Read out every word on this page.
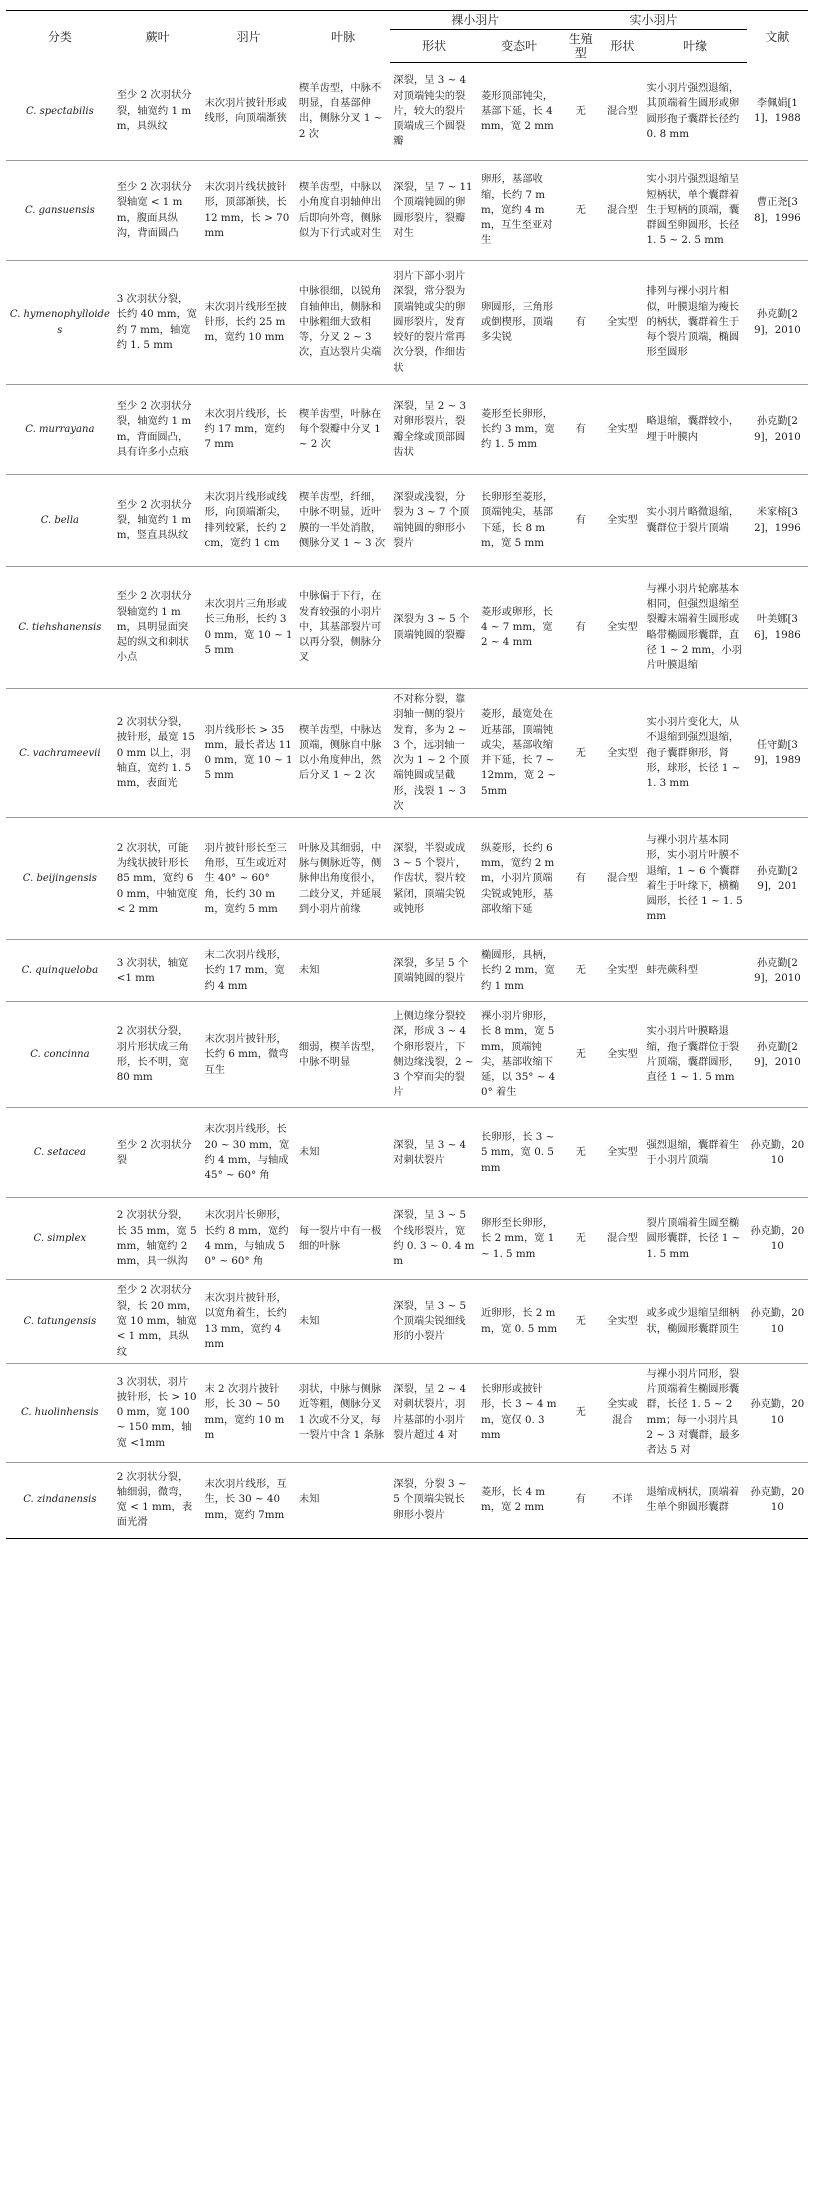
分类	蕨叶	羽片	叶脉	裸小羽片		实小羽片			文献
				形状	变态叶	生殖型	形状	叶缘	
C. spectabilis	至少 2 次羽状分裂，轴宽约 1 mm，具纵纹	末次羽片披针形或线形，向顶端渐狭	楔羊齿型，中脉不明显，自基部伸出，侧脉分叉 1 ~ 2 次	深裂，呈 3 ~ 4 对顶端钝尖的裂片，较大的裂片顶端成三个圆裂瓣	菱形顶部钝尖，基部下延，长 4 mm，宽 2 mm	无	混合型	实小羽片强烈退缩，其顶端着生圆形或卵圆形孢子囊群长径约 0. 8 mm	李佩娟[11]，1988
C. gansuensis	至少 2 次羽状分裂轴宽 < 1 mm，腹面具纵沟，背面圆凸	末次羽片线状披针形，顶部渐狭，长 12 mm，长 > 70 mm	楔羊齿型，中脉以小角度自羽轴伸出后即向外弯，侧脉似为下行式或对生	深裂，呈 7 ~ 11 个顶端钝圆的卵圆形裂片，裂瓣对生	卵形，基部收缩，长约 7 mm，宽约 4 mm，互生至亚对生	无	混合型	实小羽片强烈退缩呈短柄状，单个囊群着生于短柄的顶端，囊群圆至卵圆形，长径 1. 5 ~ 2. 5 mm	曹正尧[38]，1996
C. hymenophylloides	3 次羽状分裂，长约 40 mm，宽约 7 mm，轴宽约 1. 5 mm	末次羽片线形至披针形，长约 25 mm，宽约 10 mm	中脉很细，以锐角自轴伸出，侧脉和中脉粗细大致相等，分叉 2 ~ 3 次，直达裂片尖端	羽片下部小羽片深裂，常分裂为顶端钝或尖的卵圆形裂片，发育较好的裂片常再次分裂，作细齿状	卵圆形，三角形或倒楔形，顶端多尖锐	有	全实型	排列与裸小羽片相似，叶膜退缩为瘦长的柄状，囊群着生于每个裂片顶端，椭圆形至圆形	孙克勤[29]，2010
C. murrayana	至少 2 次羽状分裂，轴宽约 1 mm，背面圆凸，具有许多小点痕	末次羽片线形，长约 17 mm，宽约 7 mm	楔羊齿型，叶脉在每个裂瓣中分叉 1 ~ 2 次	深裂，呈 2 ~ 3 对卵形裂片，裂瓣全缘或顶部圆齿状	菱形至长卵形，长约 3 mm，宽约 1. 5 mm	有	全实型	略退缩，囊群较小，埋于叶膜内	孙克勤[29]，2010
C. bella	至少 2 次羽状分裂，轴宽约 1 mm，竖直具纵纹	末次羽片线形或线形，向顶端渐尖，排列较紧，长约 2 cm，宽约 1 cm	楔羊齿型，纤细，中脉不明显，近叶膜的一半处消散，侧脉分叉 1 ~ 3 次	深裂或浅裂，分裂为 3 ~ 7 个顶端钝圆的卵形小裂片	长卵形至菱形，顶端钝尖，基部下延，长 8 mm，宽 5 mm	有	全实型	实小羽片略微退缩，囊群位于裂片顶端	米家榕[32]，1996
C. tiehshanensis	至少 2 次羽状分裂轴宽约 1 mm，具明显面突起的纵文和刺状小点	末次羽片三角形或长三角形，长约 30 mm，宽 10 ~ 15 mm	中脉偏于下行，在发育较强的小羽片中，其基部裂片可以再分裂，侧脉分叉	深裂为 3 ~ 5 个顶端钝圆的裂瓣	菱形或卵形，长 4 ~ 7 mm，宽 2 ~ 4 mm	有	全实型	与裸小羽片轮廓基本相同，但强烈退缩至裂瓣末端着生圆形或略带椭圆形囊群，直径 1 ~ 2 mm，小羽片叶膜退缩	叶美娜[36]，1986
C. vachrameevii	2 次羽状分裂，披针形，最宽 150 mm 以上，羽轴直，宽约 1. 5 mm，表面光	羽片线形长 > 35 mm，最长者达 110 mm，宽 10 ~ 15 mm	楔羊齿型，中脉达顶端，侧脉自中脉以小角度伸出，然后分叉 1 ~ 2 次	不对称分裂，靠羽轴一侧的裂片发育，多为 2 ~ 3 个，远羽轴一次为 1 ~ 2 个顶端钝圆或呈截形，浅裂 1 ~ 3 次	菱形，最宽处在近基部，顶端钝或尖，基部收缩并下延，长 7 ~ 12mm，宽 2 ~ 5mm	无	全实型	实小羽片变化大，从不退缩到强烈退缩，孢子囊群卵形，肾形，球形，长径 1 ~ 1. 3 mm	任守勤[39]，1989
C. beijingensis	2 次羽状，可能为线状披针形长 85 mm，宽约 60 mm，中轴宽度 < 2 mm	羽片披针形长至三角形，互生或近对生 40° ~ 60° 角，长约 30 mm，宽约 5 mm	叶脉及其细弱，中脉与侧脉近等，侧脉伸出角度很小，二歧分叉，并延展到小羽片前缘	深裂，半裂或成 3 ~ 5 个裂片，作齿状，裂片较紧闭，顶端尖锐或钝形	纵菱形，长约 6 mm，宽约 2 mm，小羽片顶端尖锐或钝形，基部收缩下延	有	混合型	与裸小羽片基本同形，实小羽片叶膜不退缩，1 ~ 6 个囊群着生于叶缘下，横椭圆形，长径 1 ~ 1. 5 mm	孙克勤[29]，201
C. quinqueloba	3 次羽状，轴宽 <1 mm	末二次羽片线形，长约 17 mm，宽约 4 mm	未知	深裂，多呈 5 个顶端钝圆的裂片	椭圆形，具柄，长约 2 mm，宽约 1 mm	无	全实型	蚌壳蕨科型	孙克勤[29]，2010
C. concinna	2 次羽状分裂，羽片形状成三角形，长不明，宽 80 mm	末次羽片披针形，长约 6 mm，微弯互生	细弱，楔羊齿型，中脉不明显	上侧边缘分裂较深，形成 3 ~ 4 个卵形裂片，下侧边缘浅裂，2 ~ 3 个窄而尖的裂片	裸小羽片卵形，长 8 mm，宽 5 mm，顶端钝尖，基部收缩下延，以 35° ~ 40° 着生	无	全实型	实小羽片叶膜略退缩，孢子囊群位于裂片顶端，囊群圆形，直径 1 ~ 1. 5 mm	孙克勤[29]，2010
C. setacea	至少 2 次羽状分裂	末次羽片线形，长 20 ~ 30 mm，宽约 4 mm，与轴成 45° ~ 60° 角	未知	深裂，呈 3 ~ 4 对刺状裂片	长卵形，长 3 ~ 5 mm，宽 0. 5 mm	无	全实型	强烈退缩，囊群着生于小羽片顶端	孙克勤，2010
C. simplex	2 次羽状分裂，长 35 mm，宽 5 mm，轴宽约 2 mm，具一纵沟	末次羽片长卵形，长约 8 mm，宽约 4 mm，与轴成 50° ~ 60° 角	每一裂片中有一极细的叶脉	深裂，呈 3 ~ 5 个线形裂片，宽约 0. 3 ~ 0. 4 mm	卵形至长卵形，长 2 mm，宽 1 ~ 1. 5 mm	无	混合型	裂片顶端着生圆至椭圆形囊群，长径 1 ~ 1. 5 mm	孙克勤，2010
C. tatungensis	至少 2 次羽状分裂，长 20 mm，宽 10 mm，轴宽 < 1 mm，具纵纹	末次羽片披针形，以宽角着生，长约 13 mm，宽约 4 mm	未知	深裂，呈 3 ~ 5 个顶端尖锐细线形的小裂片	近卵形，长 2 mm，宽 0. 5 mm	无	全实型	或多或少退缩呈细柄状，椭圆形囊群顶生	孙克勤，2010
C. huolinhensis	3 次羽状，羽片披针形，长 > 100 mm，宽 100 ~ 150 mm，轴宽 <1mm	末 2 次羽片披针形，长 30 ~ 50 mm，宽约 10 mm	羽状，中脉与侧脉近等粗，侧脉分叉 1 次或不分叉，每一裂片中含 1 条脉	深裂，呈 2 ~ 4 对刺状裂片，羽片基部的小羽片裂片超过 4 对	长卵形或披针形，长 3 ~ 4 mm，宽仅 0. 3 mm	无	全实或混合	与裸小羽片同形，裂片顶端着生椭圆形囊群，长径 1. 5 ~ 2 mm；每一小羽片具 2 ~ 3 对囊群，最多者达 5 对	孙克勤，2010
C. zindanensis	2 次羽状分裂，轴细弱，微弯，宽 < 1 mm，表面光滑	末次羽片线形，互生，长 30 ~ 40 mm，宽约 7mm	未知	深裂，分裂 3 ~ 5 个顶端尖锐长卵形小裂片	菱形，长 4 mm，宽 2 mm	有	不详	退缩成柄状，顶端着生单个卵圆形囊群	孙克勤，2010
